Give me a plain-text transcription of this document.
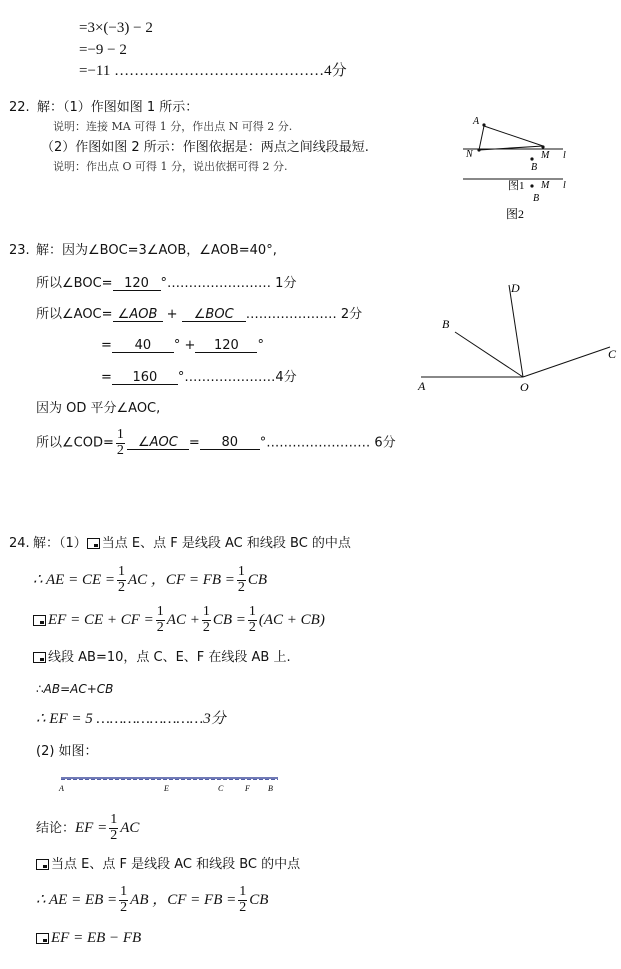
=3×(−3) − 2
=−9 − 2
=−11 ……………………………………4分
22. 解：（1）作图如图 1 所示：
说明：连接 MA 可得 1 分，作出点 N 可得 2 分.
（2）作图如图 2 所示：作图依据是：两点之间线段最短.
说明：作出点 O 可得 1 分，说出依据可得 2 分.
A
N	M
B
l
图1 M
B
l
图2
23. 解：因为∠BOC=3∠AOB，∠AOB=40°,
所以∠BOC= 120 °…………………… 1分
所以∠AOC= ∠AOB + ∠BOC ………………… 2分
= 40 ° + 120 °
= 160 °…………………4分
因为 OD 平分∠AOC,
所以∠COD= $\frac{1}{2}$ ∠AOC = 80 °…………………… 6分
A
B
D
C
O
24. 解：（1） 当点 E、点 F 是线段 AC 和线段 BC 的中点
∴ AE = CE = $\frac{1}{2}$ AC ，CF = FB = $\frac{1}{2}$ CB
EF = CE + CF = $\frac{1}{2}$ AC + $\frac{1}{2}$ CB = $\frac{1}{2} (AC + CB)$
线段 AB=10，点 C、E、F 在线段 AB 上.
∴AB=AC+CB
∴ EF = 5 ……………………3分
(2) 如图：
A	E	C	F B
结论： EF = $\frac{1}{2}$ AC
当点 E、点 F 是线段 AC 和线段 BC 的中点
∴ AE = EB = $\frac{1}{2}$ AB ，CF = FB = $\frac{1}{2}$ CB
EF = EB − FB
